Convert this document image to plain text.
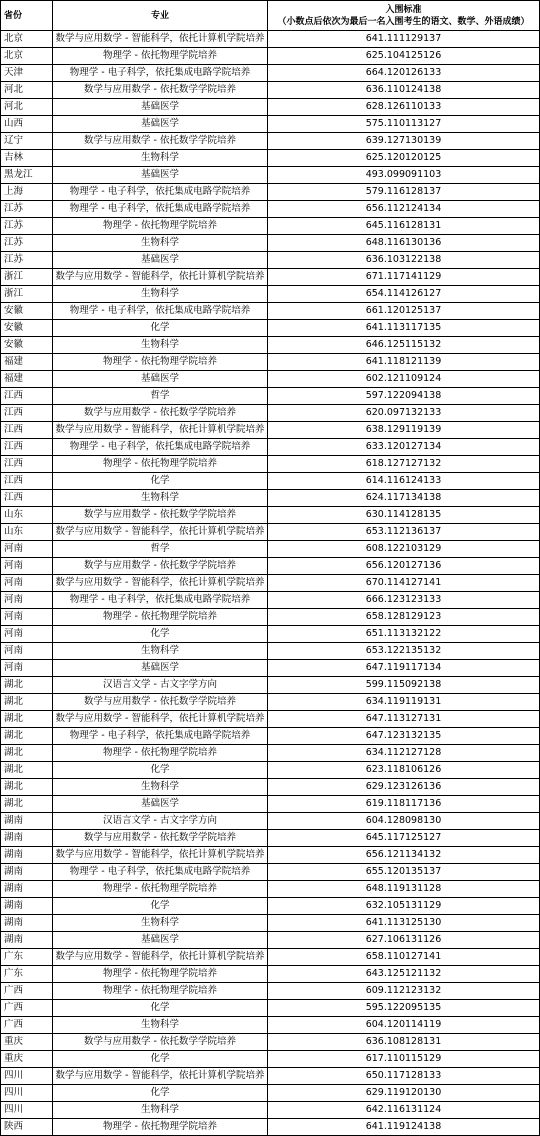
省份	专业	入围标准
（小数点后依次为最后一名入围考生的语文、数学、外语成绩）

北京	数学与应用数学 - 智能科学，依托计算机学院培养	641.111129137
北京	物理学 - 依托物理学院培养	625.104125126
天津	物理学 - 电子科学，依托集成电路学院培养	664.120126133
河北	数学与应用数学 - 依托数学学院培养	636.110124138
河北	基础医学	628.126110133
山西	基础医学	575.110113127
辽宁	数学与应用数学 - 依托数学学院培养	639.127130139
吉林	生物科学	625.120120125
黑龙江	基础医学	493.099091103
上海	物理学 - 电子科学，依托集成电路学院培养	579.116128137
江苏	物理学 - 电子科学，依托集成电路学院培养	656.112124134
江苏	物理学 - 依托物理学院培养	645.116128131
江苏	生物科学	648.116130136
江苏	基础医学	636.103122138
浙江	数学与应用数学 - 智能科学，依托计算机学院培养	671.117141129
浙江	生物科学	654.114126127
安徽	物理学 - 电子科学，依托集成电路学院培养	661.120125137
安徽	化学	641.113117135
安徽	生物科学	646.125115132
福建	物理学 - 依托物理学院培养	641.118121139
福建	基础医学	602.121109124
江西	哲学	597.122094138
江西	数学与应用数学 - 依托数学学院培养	620.097132133
江西	数学与应用数学 - 智能科学，依托计算机学院培养	638.129119139
江西	物理学 - 电子科学，依托集成电路学院培养	633.120127134
江西	物理学 - 依托物理学院培养	618.127127132
江西	化学	614.116124133
江西	生物科学	624.117134138
山东	数学与应用数学 - 依托数学学院培养	630.114128135
山东	数学与应用数学 - 智能科学，依托计算机学院培养	653.112136137
河南	哲学	608.122103129
河南	数学与应用数学 - 依托数学学院培养	656.120127136
河南	数学与应用数学 - 智能科学，依托计算机学院培养	670.114127141
河南	物理学 - 电子科学，依托集成电路学院培养	666.123123133
河南	物理学 - 依托物理学院培养	658.128129123
河南	化学	651.113132122
河南	生物科学	653.122135132
河南	基础医学	647.119117134
湖北	汉语言文学 - 古文字学方向	599.115092138
湖北	数学与应用数学 - 依托数学学院培养	634.119119131
湖北	数学与应用数学 - 智能科学，依托计算机学院培养	647.113127131
湖北	物理学 - 电子科学，依托集成电路学院培养	647.123132135
湖北	物理学 - 依托物理学院培养	634.112127128
湖北	化学	623.118106126
湖北	生物科学	629.123126136
湖北	基础医学	619.118117136
湖南	汉语言文学 - 古文字学方向	604.128098130
湖南	数学与应用数学 - 依托数学学院培养	645.117125127
湖南	数学与应用数学 - 智能科学，依托计算机学院培养	656.121134132
湖南	物理学 - 电子科学，依托集成电路学院培养	655.120135137
湖南	物理学 - 依托物理学院培养	648.119131128
湖南	化学	632.105131129
湖南	生物科学	641.113125130
湖南	基础医学	627.106131126
广东	数学与应用数学 - 智能科学，依托计算机学院培养	658.110127141
广东	物理学 - 依托物理学院培养	643.125121132
广西	物理学 - 依托物理学院培养	609.112123132
广西	化学	595.122095135
广西	生物科学	604.120114119
重庆	数学与应用数学 - 依托数学学院培养	636.108128131
重庆	化学	617.110115129
四川	数学与应用数学 - 智能科学，依托计算机学院培养	650.117128133
四川	化学	629.119120130
四川	生物科学	642.116131124
陕西	物理学 - 依托物理学院培养	641.119124138
